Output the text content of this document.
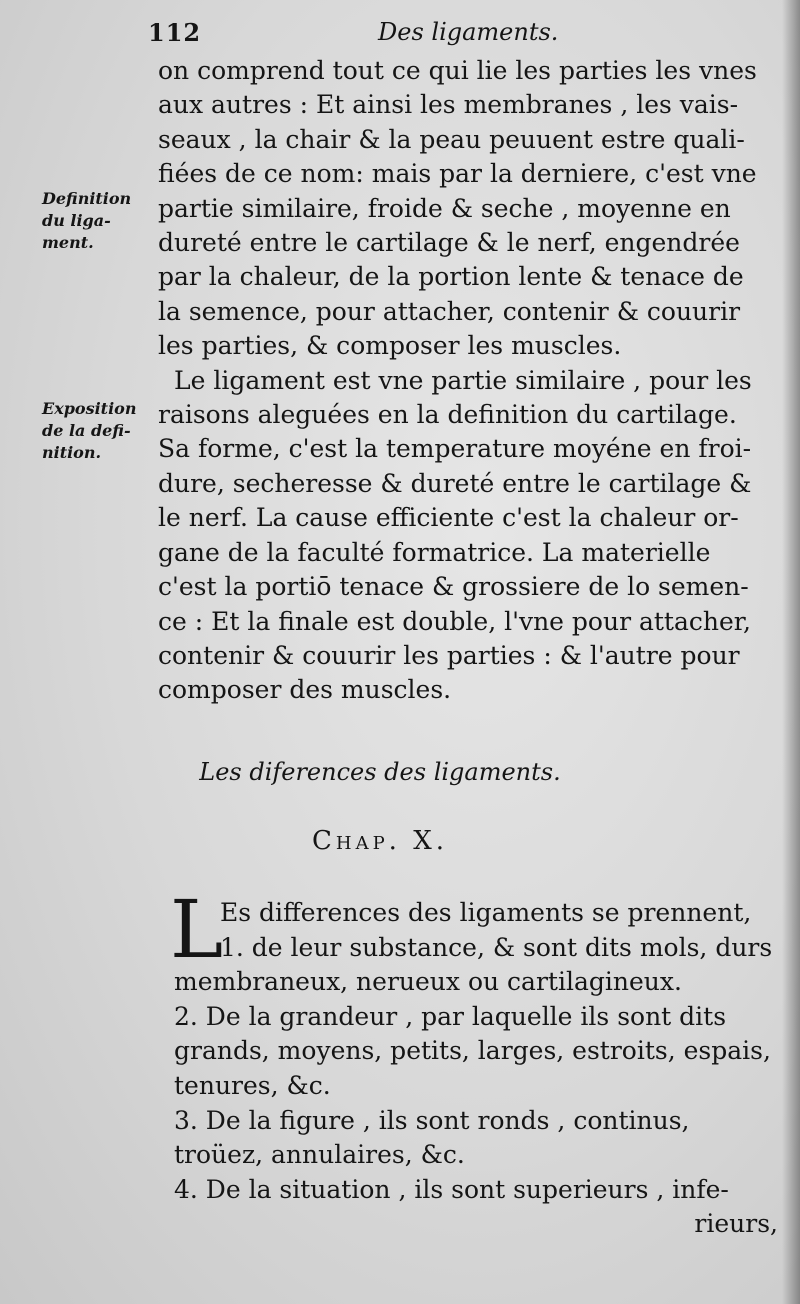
112	Des ligaments.
Definition
du liga-
ment.
Exposition
de la defi-
nition.
on comprend tout ce qui lie les parties les vnes
aux autres : Et ainsi les membranes , les vais-
seaux , la chair & la peau peuuent estre quali-
fiées de ce nom: mais par la derniere, c'est vne
partie similaire, froide & seche , moyenne en
dureté entre le cartilage & le nerf, engendrée
par la chaleur, de la portion lente & tenace de
la semence, pour attacher, contenir & couurir
les parties, & composer les muscles.
Le ligament est vne partie similaire , pour les
raisons aleguées en la definition du cartilage.
Sa forme, c'est la temperature moyéne en froi-
dure, secheresse & dureté entre le cartilage &
le nerf. La cause efficiente c'est la chaleur or-
gane de la faculté formatrice. La materielle
c'est la portiō tenace & grossiere de lo semen-
ce : Et la finale est double, l'vne pour attacher,
contenir & couurir les parties : & l'autre pour
composer des muscles.
Les diferences des ligaments.
Chap. X.
L
Es differences des ligaments se prennent,
1. de leur substance, & sont dits mols, durs
membraneux, nerueux ou cartilagineux.
2. De la grandeur , par laquelle ils sont dits
grands, moyens, petits, larges, estroits, espais,
tenures, &c.
3. De la figure , ils sont ronds , continus,
troüez, annulaires, &c.
4. De la situation , ils sont superieurs , infe-
rieurs,
